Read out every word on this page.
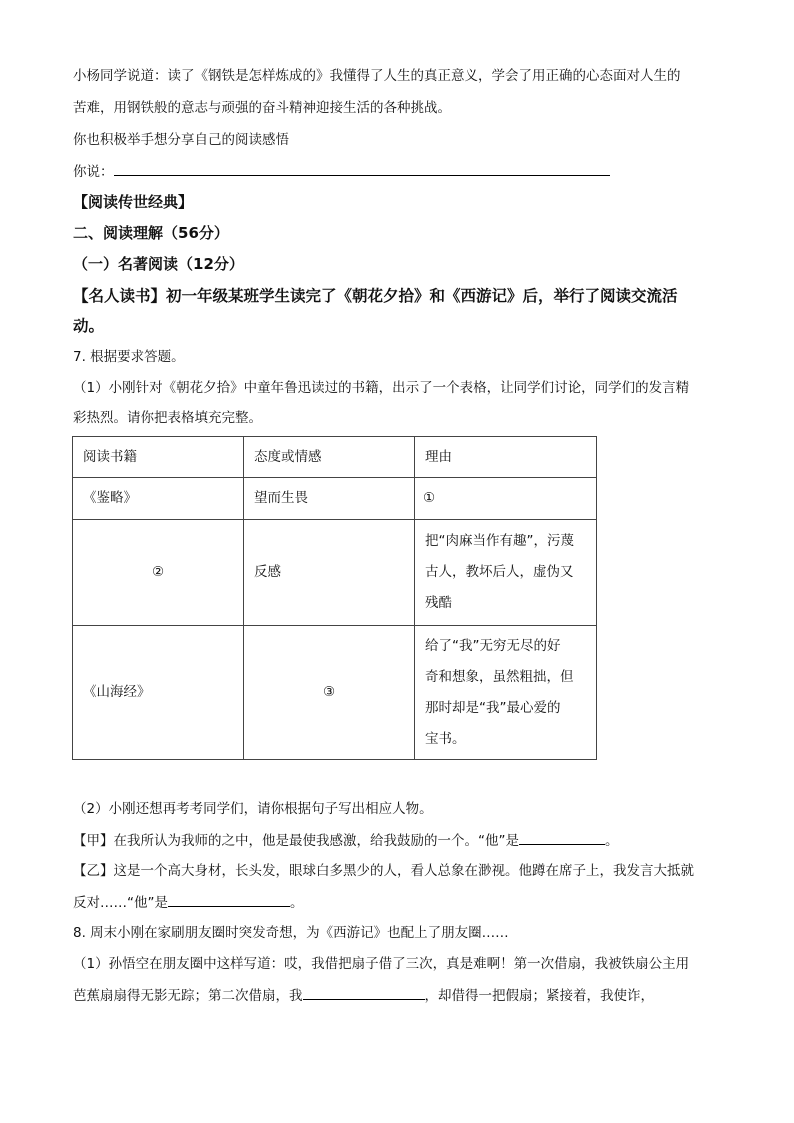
小杨同学说道：读了《钢铁是怎样炼成的》我懂得了人生的真正意义，学会了用正确的心态面对人生的
苦难，用钢铁般的意志与顽强的奋斗精神迎接生活的各种挑战。
你也积极举手想分享自己的阅读感悟
你说：
【阅读传世经典】
二、阅读理解（56分）
（一）名著阅读（12分）
【名人读书】初一年级某班学生读完了《朝花夕拾》和《西游记》后，举行了阅读交流活
动。
7. 根据要求答题。
（1）小刚针对《朝花夕拾》中童年鲁迅读过的书籍，出示了一个表格，让同学们讨论，同学们的发言精
彩热烈。请你把表格填充完整。
阅读书籍	态度或情感	理由
《鉴略》	望而生畏	①
②	反感	把“肉麻当作有趣”，污蔑
古人，教坏后人，虚伪又
残酷

《山海经》	③	给了“我”无穷无尽的好
奇和想象，虽然粗拙，但
那时却是“我”最心爱的
宝书。
（2）小刚还想再考考同学们，请你根据句子写出相应人物。
【甲】在我所认为我师的之中，他是最使我感激，给我鼓励的一个。“他”是	。
【乙】这是一个高大身材，长头发，眼球白多黑少的人，看人总象在渺视。他蹲在席子上，我发言大抵就
反对……“他”是	。
8. 周末小刚在家刷朋友圈时突发奇想，为《西游记》也配上了朋友圈……
（1）孙悟空在朋友圈中这样写道：哎，我借把扇子借了三次，真是难啊！第一次借扇，我被铁扇公主用
芭蕉扇扇得无影无踪；第二次借扇，我	，却借得一把假扇；紧接着，我使诈，
